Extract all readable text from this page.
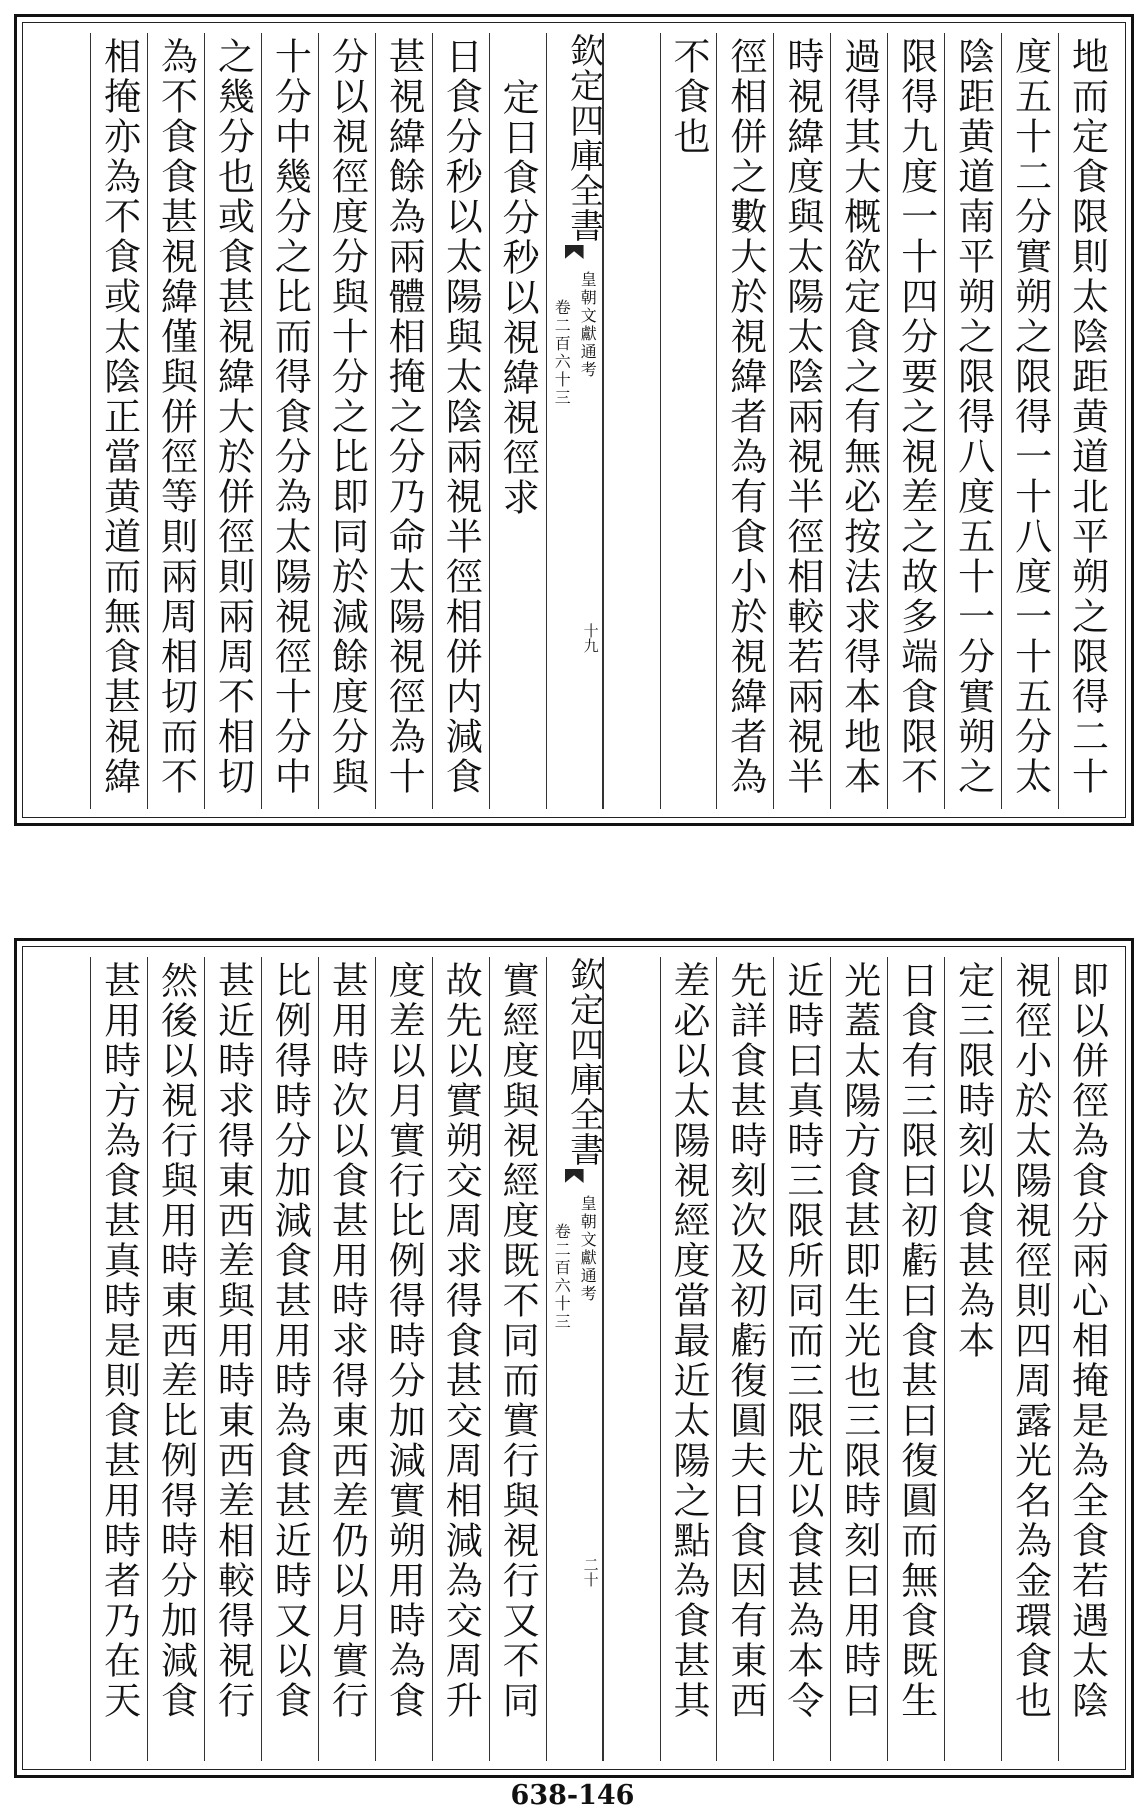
地而定食限則太陰距黄道北平朔之限得二十
度五十二分實朔之限得一十八度一十五分太
陰距黄道南平朔之限得八度五十一分實朔之
限得九度一十四分要之視差之故多端食限不
過得其大概欲定食之有無必按法求得本地本
時視緯度與太陽太陰兩視半徑相較若兩視半
徑相併之數大於視緯者為有食小於視緯者為
不食也
欽定四庫全書
皇朝文獻通考
卷二百六十三
十九
定日食分秒以視緯視徑求
日食分秒以太陽與太陰兩視半徑相併内減食
甚視緯餘為兩體相掩之分乃命太陽視徑為十
分以視徑度分與十分之比即同於減餘度分與
十分中幾分之比而得食分為太陽視徑十分中
之幾分也或食甚視緯大於併徑則兩周不相切
為不食食甚視緯僅與併徑等則兩周相切而不
相掩亦為不食或太陰正當黄道而無食甚視緯
即以併徑為食分兩心相掩是為全食若遇太陰
視徑小於太陽視徑則四周露光名為金環食也
定三限時刻以食甚為本
日食有三限曰初虧曰食甚曰復圓而無食既生
光蓋太陽方食甚即生光也三限時刻曰用時曰
近時曰真時三限所同而三限尤以食甚為本令
先詳食甚時刻次及初虧復圓夫日食因有東西
差必以太陽視經度當最近太陽之點為食甚其
欽定四庫全書
皇朝文獻通考
卷二百六十三
二十
實經度與視經度既不同而實行與視行又不同
故先以實朔交周求得食甚交周相減為交周升
度差以月實行比例得時分加減實朔用時為食
甚用時次以食甚用時求得東西差仍以月實行
比例得時分加減食甚用時為食甚近時又以食
甚近時求得東西差與用時東西差相較得視行
然後以視行與用時東西差比例得時分加減食
甚用時方為食甚真時是則食甚用時者乃在天
638-146
